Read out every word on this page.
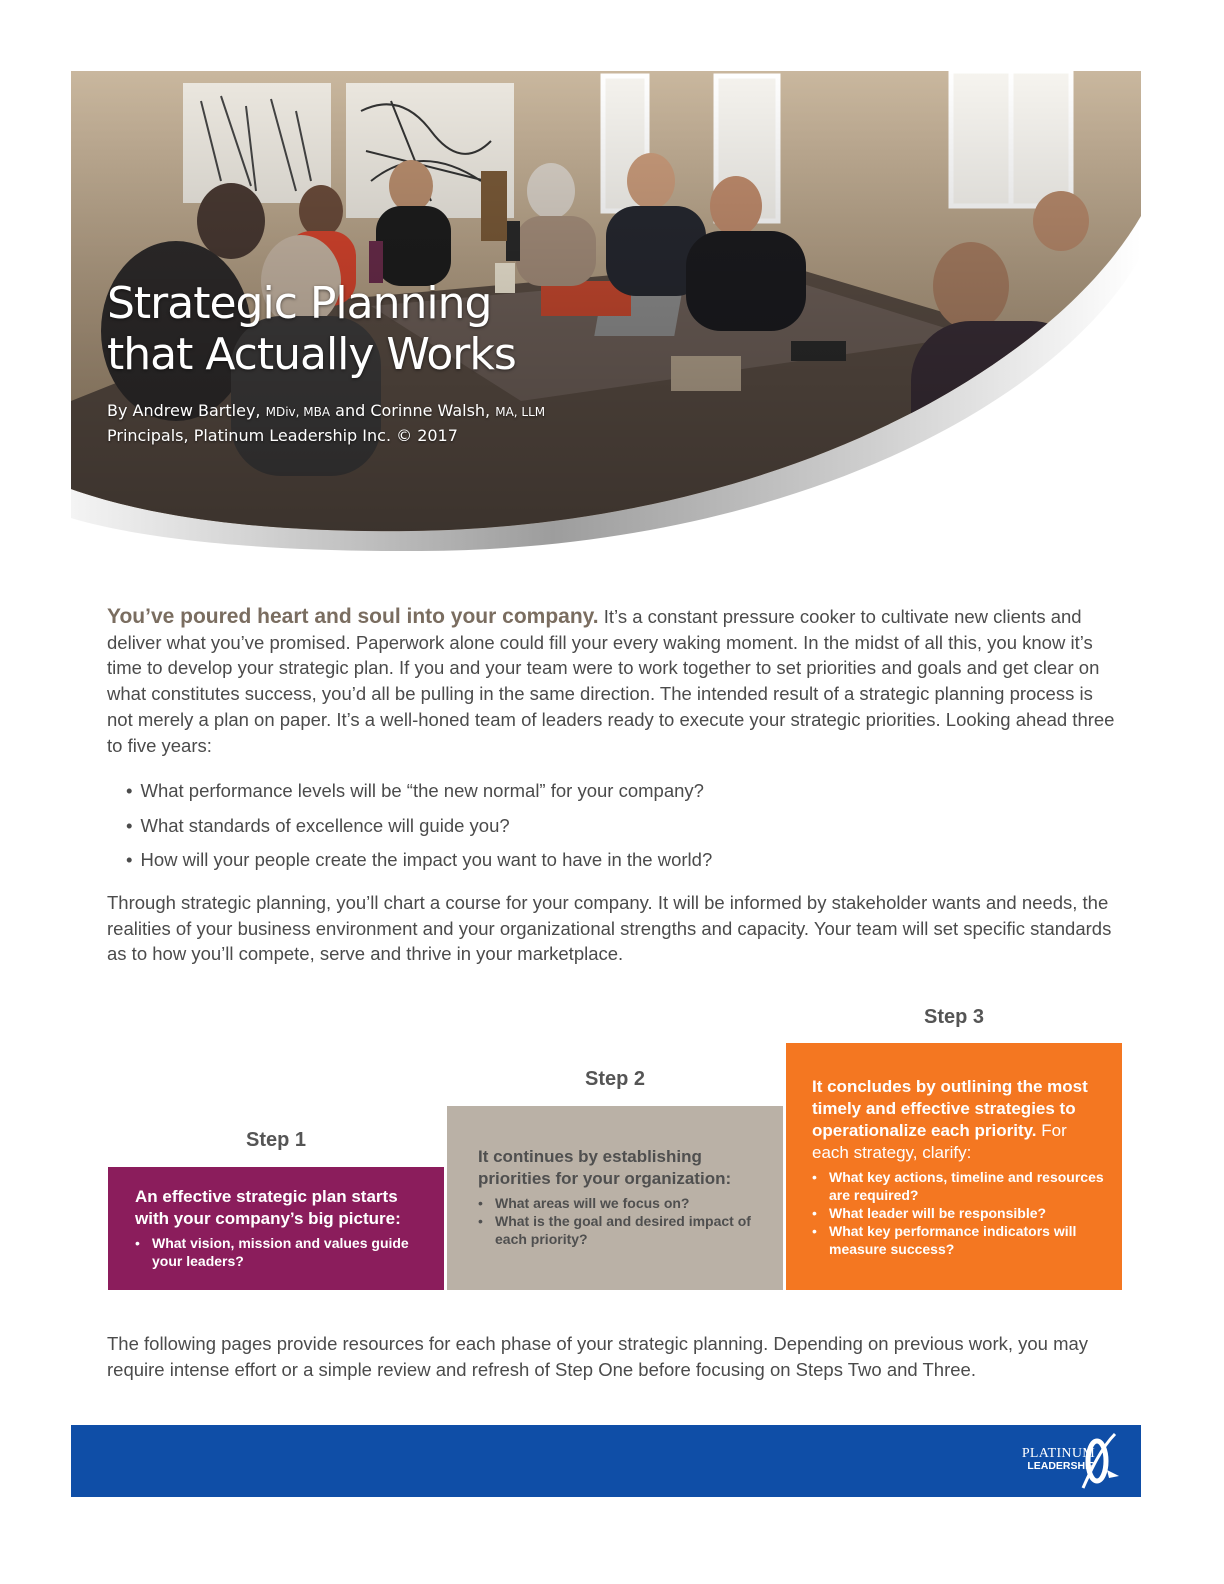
Strategic Planning
that Actually Works
By Andrew Bartley, MDiv, MBA and Corinne Walsh, MA, LLM
Principals, Platinum Leadership Inc. © 2017

You’ve poured heart and soul into your company. It’s a constant pressure cooker to cultivate new clients and deliver what you’ve promised. Paperwork alone could fill your every waking moment. In the midst of all this, you know it’s time to develop your strategic plan. If you and your team were to work together to set priorities and goals and get clear on what constitutes success, you’d all be pulling in the same direction. The intended result of a strategic planning process is not merely a plan on paper. It’s a well-honed team of leaders ready to execute your strategic priorities. Looking ahead three to five years:

• What performance levels will be “the new normal” for your company?
• What standards of excellence will guide you?
• How will your people create the impact you want to have in the world?

Through strategic planning, you’ll chart a course for your company. It will be informed by stakeholder wants and needs, the realities of your business environment and your organizational strengths and capacity. Your team will set specific standards as to how you’ll compete, serve and thrive in your marketplace.

Step 1
Step 2
Step 3
An effective strategic plan starts with your company’s big picture:
• What vision, mission and values guide your leaders?
It continues by establishing priorities for your organization:
• What areas will we focus on?
• What is the goal and desired impact of each priority?
It concludes by outlining the most timely and effective strategies to operationalize each priority. For each strategy, clarify:
• What key actions, timeline and resources are required?
• What leader will be responsible?
• What key performance indicators will measure success?

The following pages provide resources for each phase of your strategic planning. Depending on previous work, you may require intense effort or a simple review and refresh of Step One before focusing on Steps Two and Three.

PLATINUM
LEADERSHIP
